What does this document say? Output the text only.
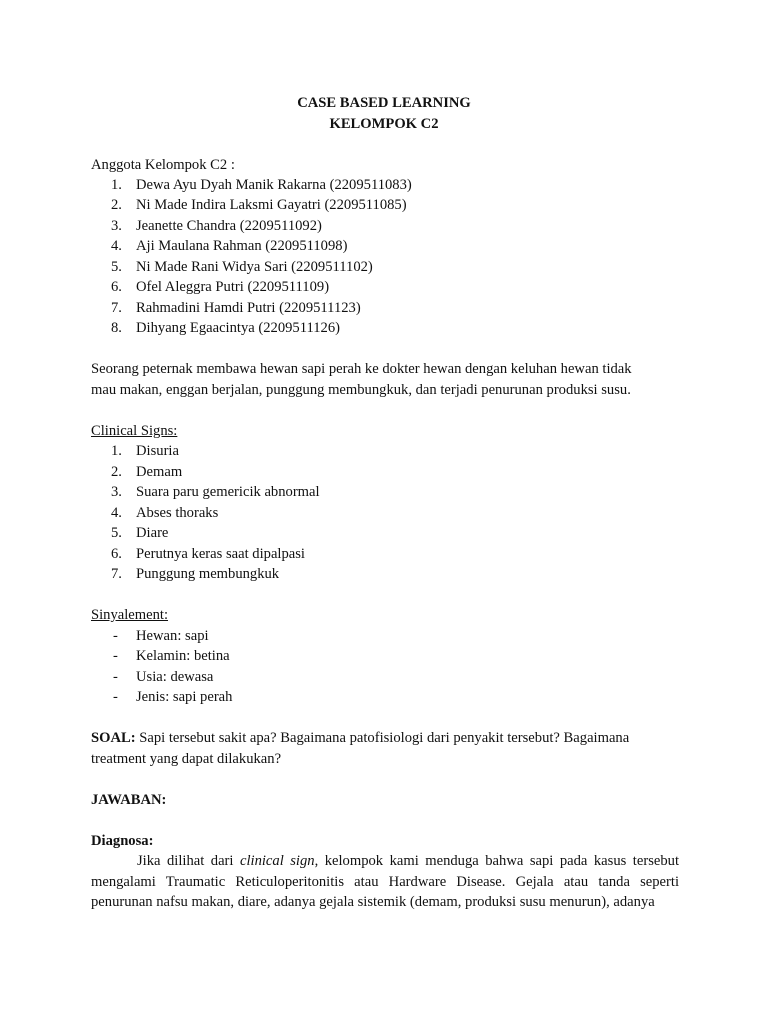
CASE BASED LEARNING
KELOMPOK C2
Anggota Kelompok C2 :
1. Dewa Ayu Dyah Manik Rakarna (2209511083)
2. Ni Made Indira Laksmi Gayatri (2209511085)
3. Jeanette Chandra (2209511092)
4. Aji Maulana Rahman (2209511098)
5. Ni Made Rani Widya Sari (2209511102)
6. Ofel Aleggra Putri (2209511109)
7. Rahmadini Hamdi Putri (2209511123)
8. Dihyang Egaacintya (2209511126)
Seorang peternak membawa hewan sapi perah ke dokter hewan dengan keluhan hewan tidak
mau makan, enggan berjalan, punggung membungkuk, dan terjadi penurunan produksi susu.
Clinical Signs:
1. Disuria
2. Demam
3. Suara paru gemericik abnormal
4. Abses thoraks
5. Diare
6. Perutnya keras saat dipalpasi
7. Punggung membungkuk
Sinyalement:
- Hewan: sapi
- Kelamin: betina
- Usia: dewasa
- Jenis: sapi perah
SOAL: Sapi tersebut sakit apa? Bagaimana patofisiologi dari penyakit tersebut? Bagaimana
treatment yang dapat dilakukan?
JAWABAN:
Diagnosa:
Jika dilihat dari clinical sign, kelompok kami menduga bahwa sapi pada kasus tersebut mengalami Traumatic Reticuloperitonitis atau Hardware Disease. Gejala atau tanda seperti penurunan nafsu makan, diare, adanya gejala sistemik (demam, produksi susu menurun), adanya
